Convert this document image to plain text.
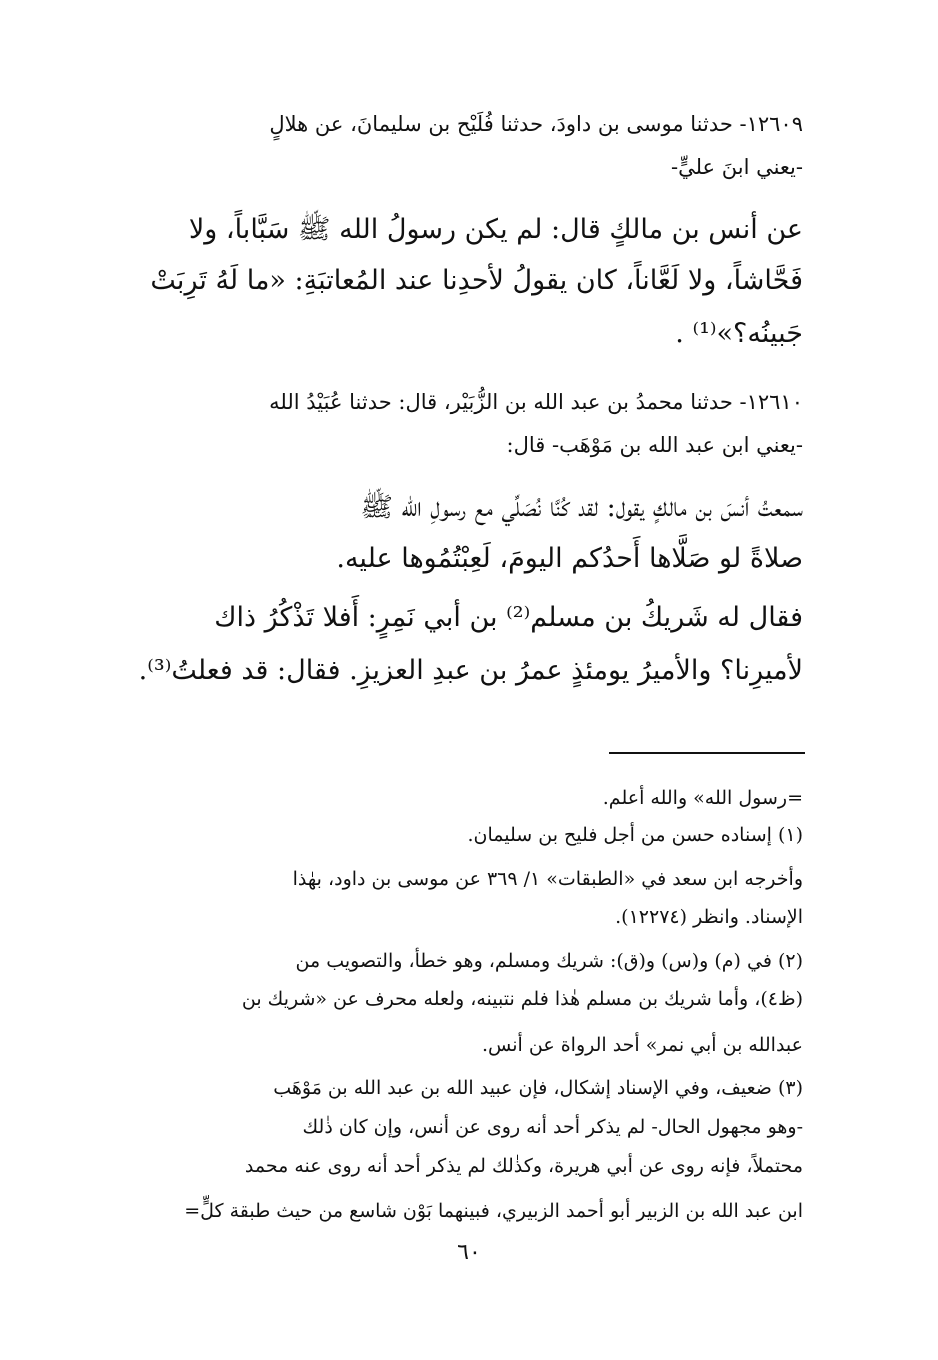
١٢٦٠٩- حدثنا موسى بن داودَ، حدثنا فُلَيْح بن سليمانَ، عن هلالٍ
-يعني ابنَ عليٍّ-
عن أنس بن مالكٍ قال: لم يكن رسولُ الله ﷺ سَبَّاباً، ولا
فَحَّاشاً، ولا لَعَّاناً، كان يقولُ لأحدِنا عند المُعاتبَةِ: «ما لَهُ تَرِبَتْ
جَبينُه؟»⁽¹⁾ .
١٢٦١٠- حدثنا محمدُ بن عبد الله بن الزُّبَيْر، قال: حدثنا عُبَيْدُ الله
-يعني ابن عبد الله بن مَوْهَب- قال:
سمعتُ أنسَ بن مالكٍ يقول: لقد كُنَّا نُصَلِّي مع رسولِ الله ﷺ
صلاةً لو صَلَّاها أَحدُكم اليومَ، لَعِبْتُمُوها عليه.
فقال له شَريكُ بن مسلم⁽²⁾ بن أبي نَمِرٍ: أَفلا تَذْكُرُ ذاك
لأميرِنا؟ والأميرُ يومئذٍ عمرُ بن عبدِ العزيزِ. فقال: قد فعلتُ⁽³⁾.
=رسول الله» والله أعلم.
(١) إسناده حسن من أجل فليح بن سليمان.
وأخرجه ابن سعد في «الطبقات» ١/ ٣٦٩ عن موسى بن داود، بهٰذا
الإسناد. وانظر (١٢٢٧٤).
(٢) في (م) و(س) و(ق): شريك ومسلم، وهو خطأ، والتصويب من
(ظ٤)، وأما شريك بن مسلم هٰذا فلم نتبينه، ولعله محرف عن «شريك بن
عبدالله بن أبي نمر» أحد الرواة عن أنس.
(٣) ضعيف، وفي الإسناد إشكال، فإن عبيد الله بن عبد الله بن مَوْهَب
-وهو مجهول الحال- لم يذكر أحد أنه روى عن أنس، وإن كان ذٰلك
محتملاً، فإنه روى عن أبي هريرة، وكذٰلك لم يذكر أحد أنه روى عنه محمد
ابن عبد الله بن الزبير أبو أحمد الزبيري، فبينهما بَوْن شاسع من حيث طبقة كلٍّ=
٦٠
